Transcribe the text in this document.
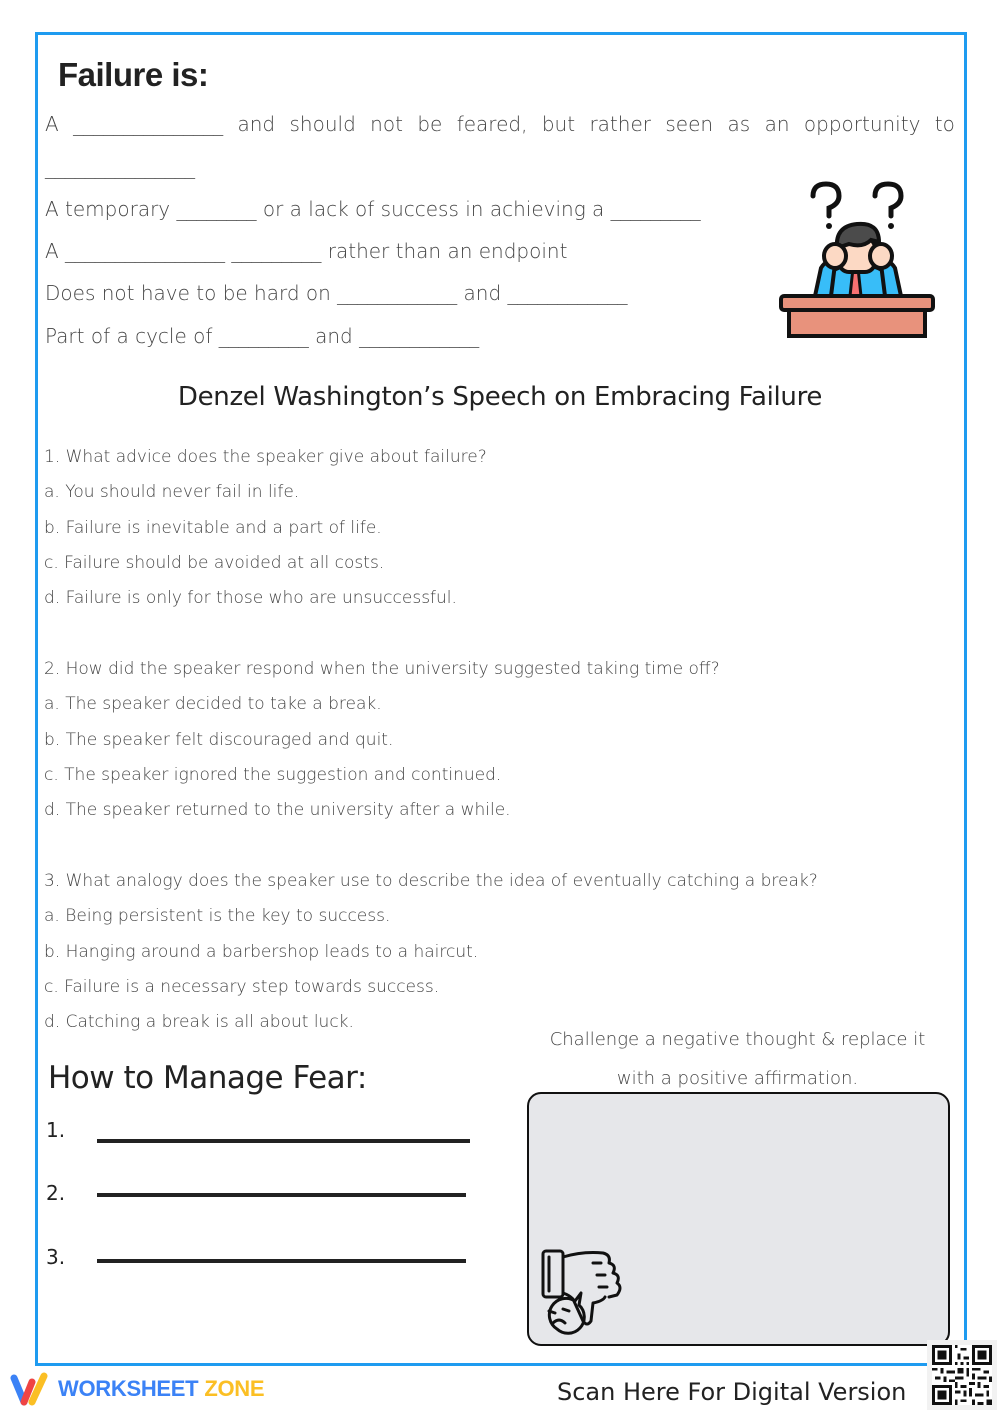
Failure is:
A _______________ and should not be feared, but rather seen as an opportunity to
_______________
A temporary ________ or a lack of success in achieving a _________
A ________________ _________ rather than an endpoint
Does not have to be hard on ____________ and ____________
Part of a cycle of _________ and ____________
Denzel Washington’s Speech on Embracing Failure
1. What advice does the speaker give about failure?
a. You should never fail in life.
b. Failure is inevitable and a part of life.
c. Failure should be avoided at all costs.
d. Failure is only for those who are unsuccessful.
2. How did the speaker respond when the university suggested taking time off?
a. The speaker decided to take a break.
b. The speaker felt discouraged and quit.
c. The speaker ignored the suggestion and continued.
d. The speaker returned to the university after a while.
3. What analogy does the speaker use to describe the idea of eventually catching a break?
a. Being persistent is the key to success.
b. Hanging around a barbershop leads to a haircut.
c. Failure is a necessary step towards success.
d. Catching a break is all about luck.
How to Manage Fear:
1.
2.
3.
Challenge a negative thought & replace it
with a positive affirmation.
WORKSHEET ZONE	Scan Here For Digital Version
